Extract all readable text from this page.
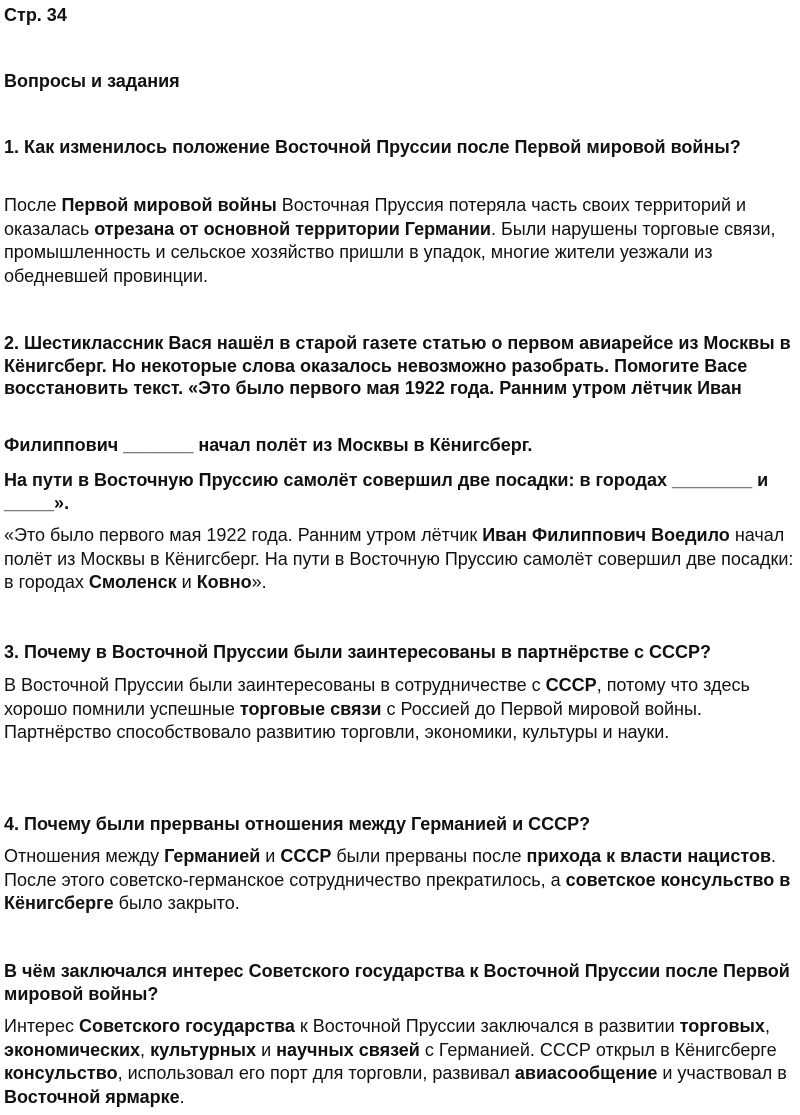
Стр. 34
Вопросы и задания
1. Как изменилось положение Восточной Пруссии после Первой мировой войны?
После Первой мировой войны Восточная Пруссия потеряла часть своих территорий и оказалась отрезана от основной территории Германии. Были нарушены торговые связи, промышленность и сельское хозяйство пришли в упадок, многие жители уезжали из обедневшей провинции.
2. Шестиклассник Вася нашёл в старой газете статью о первом авиарейсе из Москвы в Кёнигсберг. Но некоторые слова оказалось невозможно разобрать. Помогите Васе восстановить текст. «Это было первого мая 1922 года. Ранним утром лётчик Иван
Филиппович _______ начал полёт из Москвы в Кёнигсберг.
На пути в Восточную Пруссию самолёт совершил две посадки: в городах ________ и _____».
«Это было первого мая 1922 года. Ранним утром лётчик Иван Филиппович Воедило начал полёт из Москвы в Кёнигсберг. На пути в Восточную Пруссию самолёт совершил две посадки: в городах Смоленск и Ковно».
3. Почему в Восточной Пруссии были заинтересованы в партнёрстве с СССР?
В Восточной Пруссии были заинтересованы в сотрудничестве с СССР, потому что здесь хорошо помнили успешные торговые связи с Россией до Первой мировой войны. Партнёрство способствовало развитию торговли, экономики, культуры и науки.
4. Почему были прерваны отношения между Германией и СССР?
Отношения между Германией и СССР были прерваны после прихода к власти нацистов. После этого советско-германское сотрудничество прекратилось, а советское консульство в Кёнигсберге было закрыто.
В чём заключался интерес Советского государства к Восточной Пруссии после Первой мировой войны?
Интерес Советского государства к Восточной Пруссии заключался в развитии торговых, экономических, культурных и научных связей с Германией. СССР открыл в Кёнигсберге консульство, использовал его порт для торговли, развивал авиасообщение и участвовал в Восточной ярмарке.
